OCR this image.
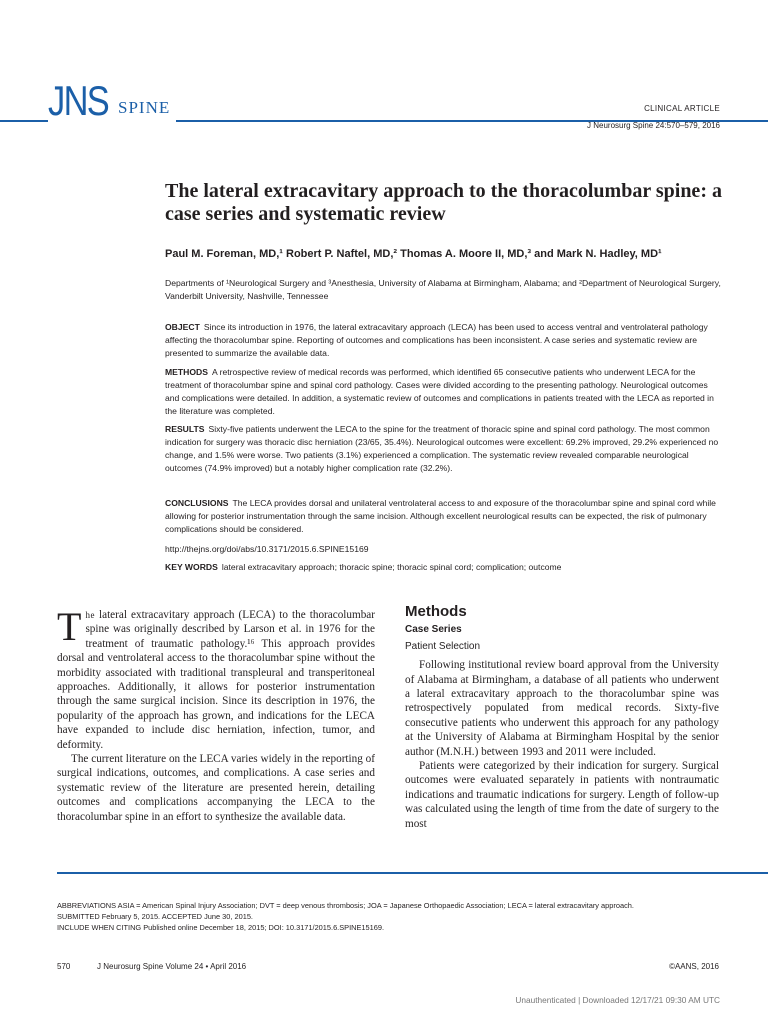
JNS SPINE	CLINICAL ARTICLE
J Neurosurg Spine 24:570–579, 2016
The lateral extracavitary approach to the thoracolumbar spine: a case series and systematic review
Paul M. Foreman, MD,¹ Robert P. Naftel, MD,² Thomas A. Moore II, MD,³ and Mark N. Hadley, MD¹
Departments of ¹Neurological Surgery and ³Anesthesia, University of Alabama at Birmingham, Alabama; and ²Department of Neurological Surgery, Vanderbilt University, Nashville, Tennessee
OBJECT Since its introduction in 1976, the lateral extracavitary approach (LECA) has been used to access ventral and ventrolateral pathology affecting the thoracolumbar spine. Reporting of outcomes and complications has been inconsistent. A case series and systematic review are presented to summarize the available data.
METHODS A retrospective review of medical records was performed, which identified 65 consecutive patients who underwent LECA for the treatment of thoracolumbar spine and spinal cord pathology. Cases were divided according to the presenting pathology. Neurological outcomes and complications were detailed. In addition, a systematic review of outcomes and complications in patients treated with the LECA as reported in the literature was completed.
RESULTS Sixty-five patients underwent the LECA to the spine for the treatment of thoracic spine and spinal cord pathology. The most common indication for surgery was thoracic disc herniation (23/65, 35.4%). Neurological outcomes were excellent: 69.2% improved, 29.2% experienced no change, and 1.5% were worse. Two patients (3.1%) experienced a complication. The systematic review revealed comparable neurological outcomes (74.9% improved) but a notably higher complication rate (32.2%).
CONCLUSIONS The LECA provides dorsal and unilateral ventrolateral access to and exposure of the thoracolumbar spine and spinal cord while allowing for posterior instrumentation through the same incision. Although excellent neurological results can be expected, the risk of pulmonary complications should be considered.
http://thejns.org/doi/abs/10.3171/2015.6.SPINE15169
KEY WORDS lateral extracavitary approach; thoracic spine; thoracic spinal cord; complication; outcome

The lateral extracavitary approach (LECA) to the thoracolumbar spine was originally described by Larson et al. in 1976 for the treatment of traumatic pathology.¹⁶ This approach provides dorsal and ventrolateral access to the thoracolumbar spine without the morbidity associated with traditional transpleural and transperitoneal approaches. Additionally, it allows for posterior instrumentation through the same surgical incision. Since its description in 1976, the popularity of the approach has grown, and indications for the LECA have expanded to include disc herniation, infection, tumor, and deformity.

The current literature on the LECA varies widely in the reporting of surgical indications, outcomes, and complications. A case series and systematic review of the literature are presented herein, detailing outcomes and complications accompanying the LECA to the thoracolumbar spine in an effort to synthesize the available data.

Methods
Case Series
Patient Selection

Following institutional review board approval from the University of Alabama at Birmingham, a database of all patients who underwent a lateral extracavitary approach to the thoracolumbar spine was retrospectively populated from medical records. Sixty-five consecutive patients who underwent this approach for any pathology at the University of Alabama at Birmingham Hospital by the senior author (M.N.H.) between 1993 and 2011 were included.

Patients were categorized by their indication for surgery. Surgical outcomes were evaluated separately in patients with nontraumatic indications and traumatic indications for surgery. Length of follow-up was calculated using the length of time from the date of surgery to the most

ABBREVIATIONS ASIA = American Spinal Injury Association; DVT = deep venous thrombosis; JOA = Japanese Orthopaedic Association; LECA = lateral extracavitary approach.
SUBMITTED February 5, 2015. ACCEPTED June 30, 2015.
INCLUDE WHEN CITING Published online December 18, 2015; DOI: 10.3171/2015.6.SPINE15169.
570	J Neurosurg Spine Volume 24 • April 2016	©AANS, 2016
Unauthenticated | Downloaded 12/17/21 09:30 AM UTC
